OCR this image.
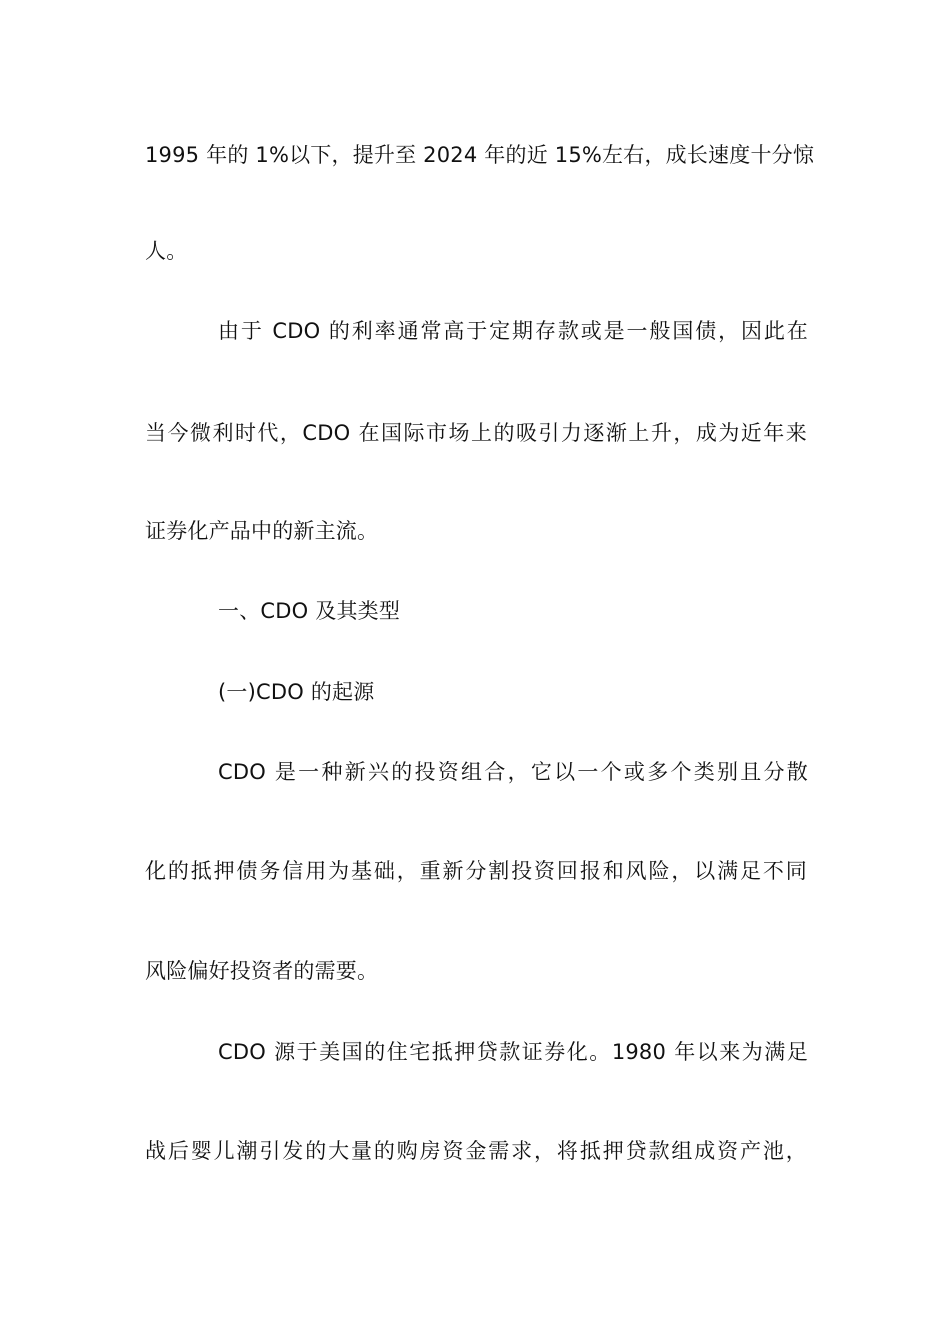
1995 年的 1%以下，提升至 2024 年的近 15%左右，成长速度十分惊
人。
由于 CDO 的利率通常高于定期存款或是一般国债，因此在
当今微利时代，CDO 在国际市场上的吸引力逐渐上升，成为近年来
证券化产品中的新主流。
一、CDO 及其类型
(一)CDO 的起源
CDO 是一种新兴的投资组合，它以一个或多个类别且分散
化的抵押债务信用为基础，重新分割投资回报和风险，以满足不同
风险偏好投资者的需要。
CDO 源于美国的住宅抵押贷款证券化。1980 年以来为满足
战后婴儿潮引发的大量的购房资金需求，将抵押贷款组成资产池，
